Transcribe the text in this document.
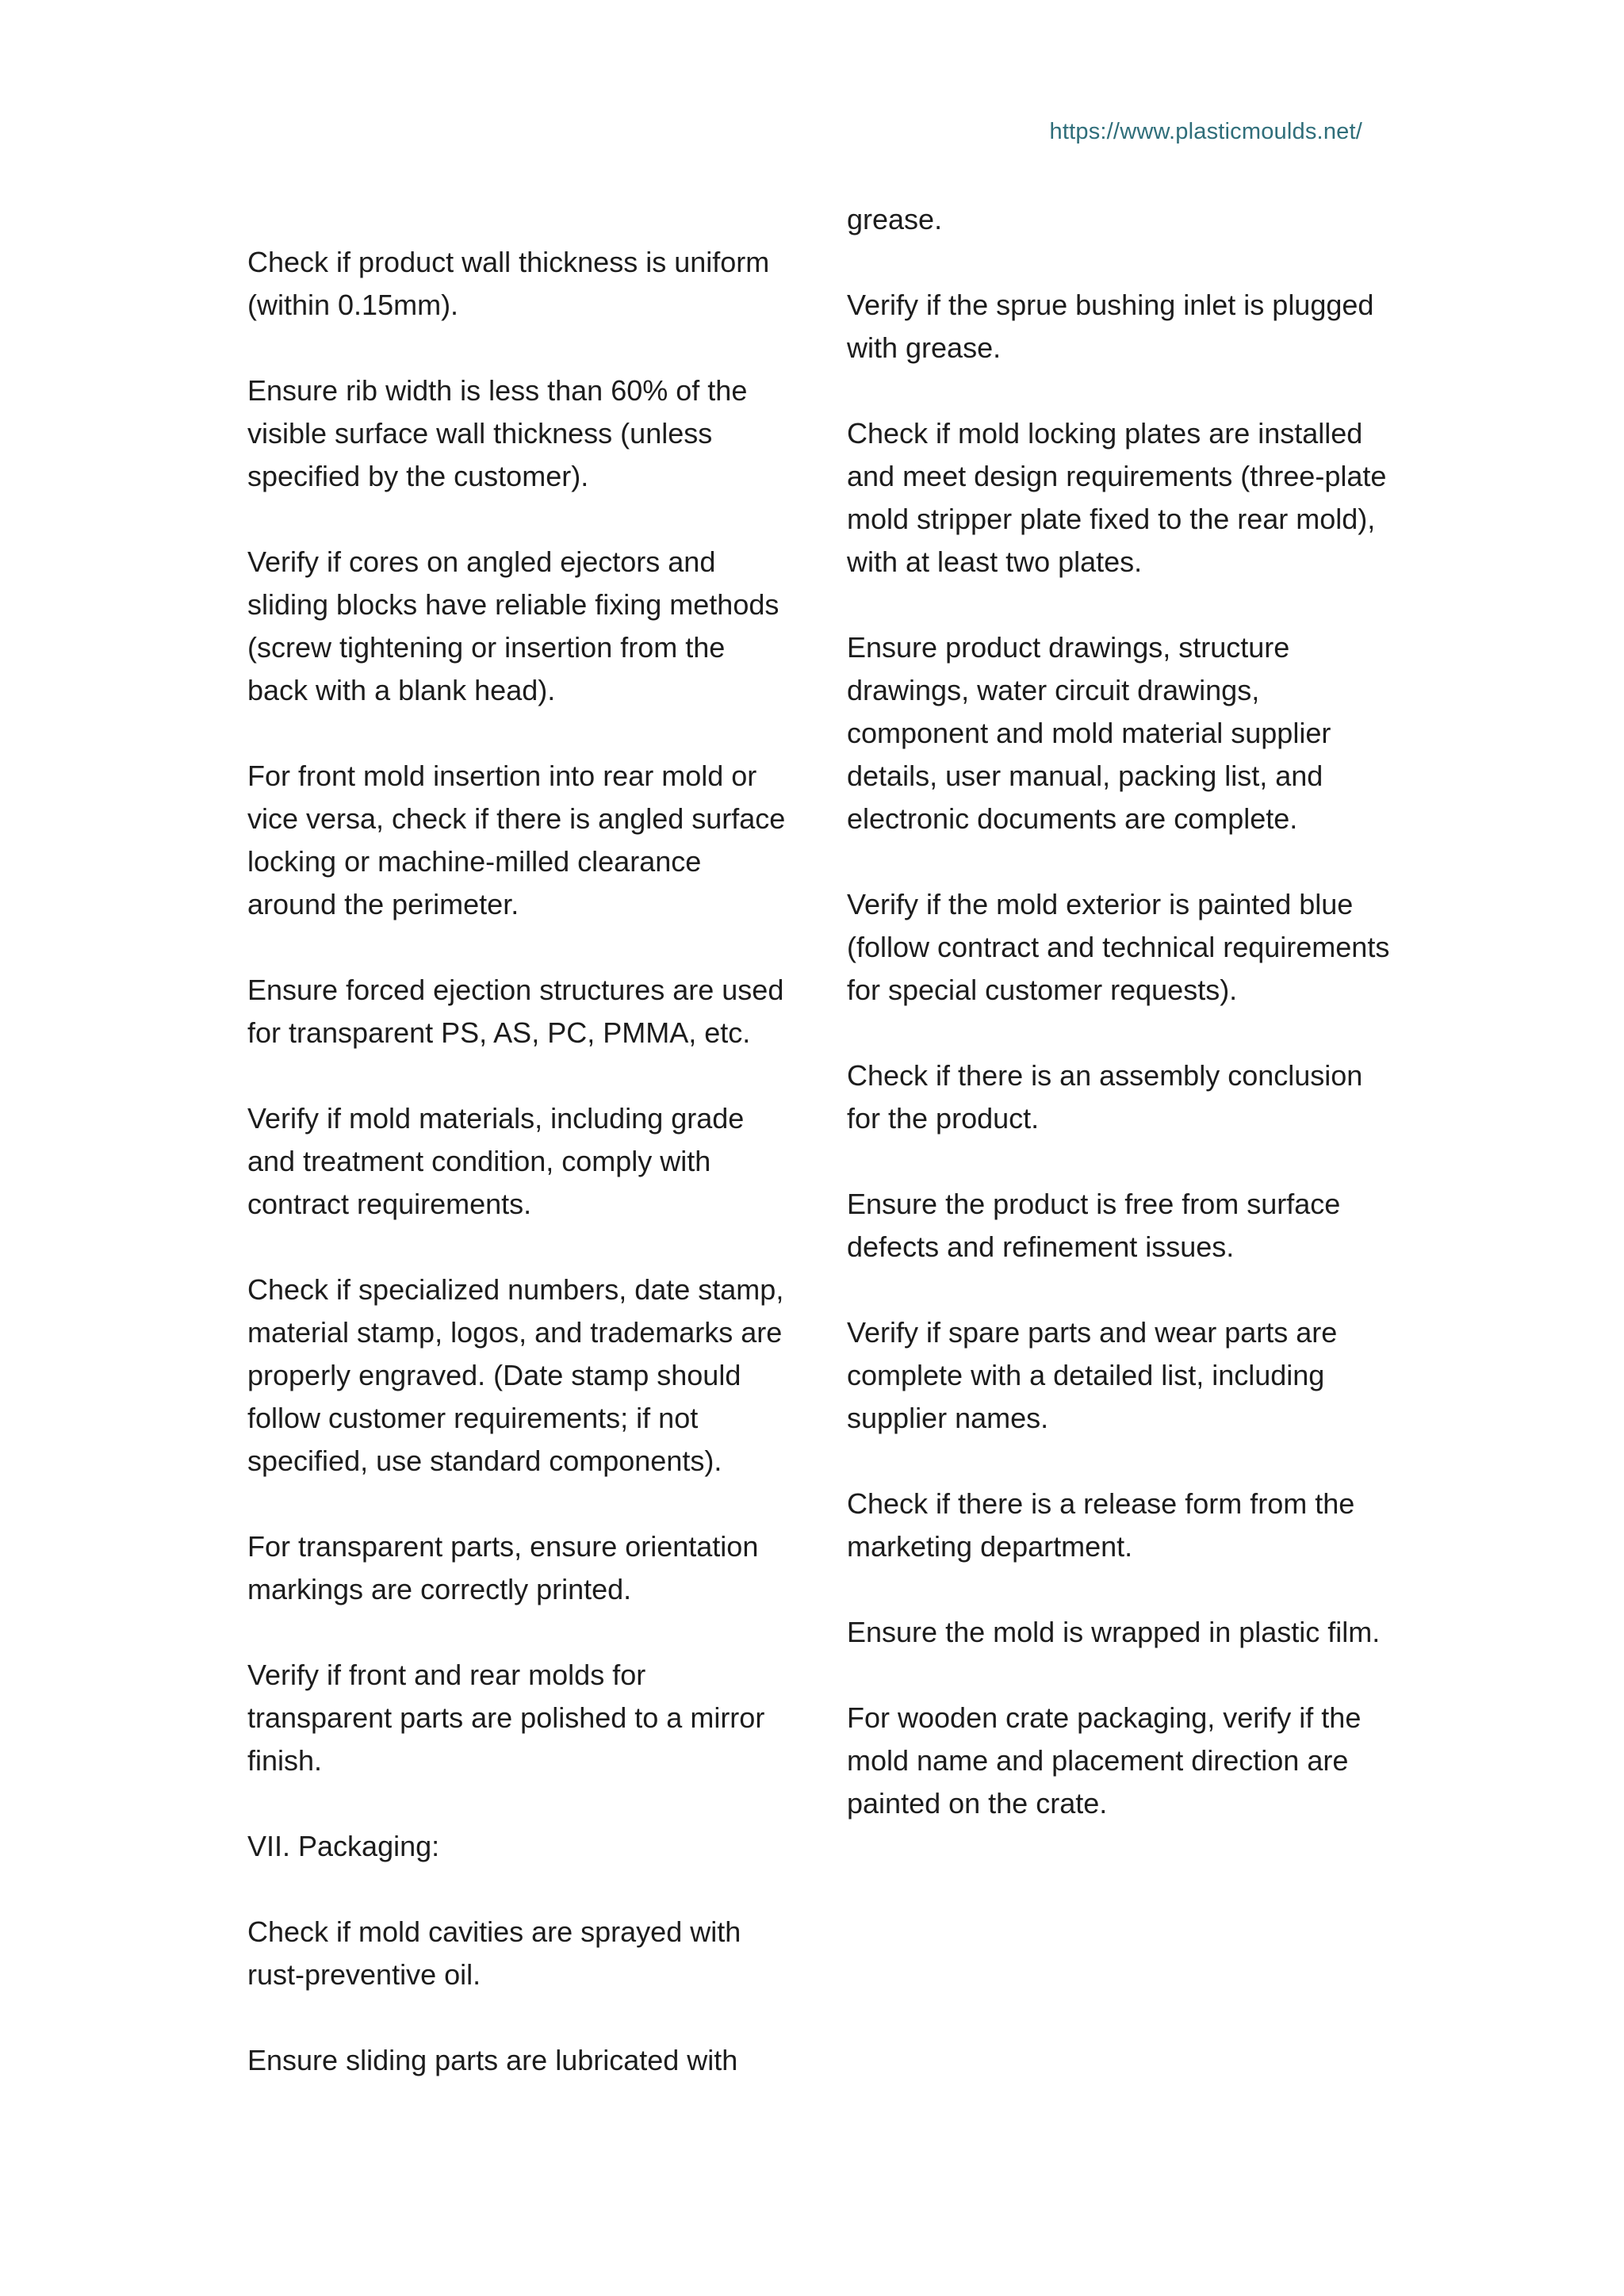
https://www.plasticmoulds.net/

Check if product wall thickness is uniform (within 0.15mm).

Ensure rib width is less than 60% of the visible surface wall thickness (unless specified by the customer).

Verify if cores on angled ejectors and sliding blocks have reliable fixing methods (screw tightening or insertion from the back with a blank head).

For front mold insertion into rear mold or vice versa, check if there is angled surface locking or machine-milled clearance around the perimeter.

Ensure forced ejection structures are used for transparent PS, AS, PC, PMMA, etc.

Verify if mold materials, including grade and treatment condition, comply with contract requirements.

Check if specialized numbers, date stamp, material stamp, logos, and trademarks are properly engraved. (Date stamp should follow customer requirements; if not specified, use standard components).

For transparent parts, ensure orientation markings are correctly printed.

Verify if front and rear molds for transparent parts are polished to a mirror finish.

VII. Packaging:

Check if mold cavities are sprayed with rust-preventive oil.

Ensure sliding parts are lubricated with

grease.

Verify if the sprue bushing inlet is plugged with grease.

Check if mold locking plates are installed and meet design requirements (three-plate mold stripper plate fixed to the rear mold), with at least two plates.

Ensure product drawings, structure drawings, water circuit drawings, component and mold material supplier details, user manual, packing list, and electronic documents are complete.

Verify if the mold exterior is painted blue (follow contract and technical requirements for special customer requests).

Check if there is an assembly conclusion for the product.

Ensure the product is free from surface defects and refinement issues.

Verify if spare parts and wear parts are complete with a detailed list, including supplier names.

Check if there is a release form from the marketing department.

Ensure the mold is wrapped in plastic film.

For wooden crate packaging, verify if the mold name and placement direction are painted on the crate.
